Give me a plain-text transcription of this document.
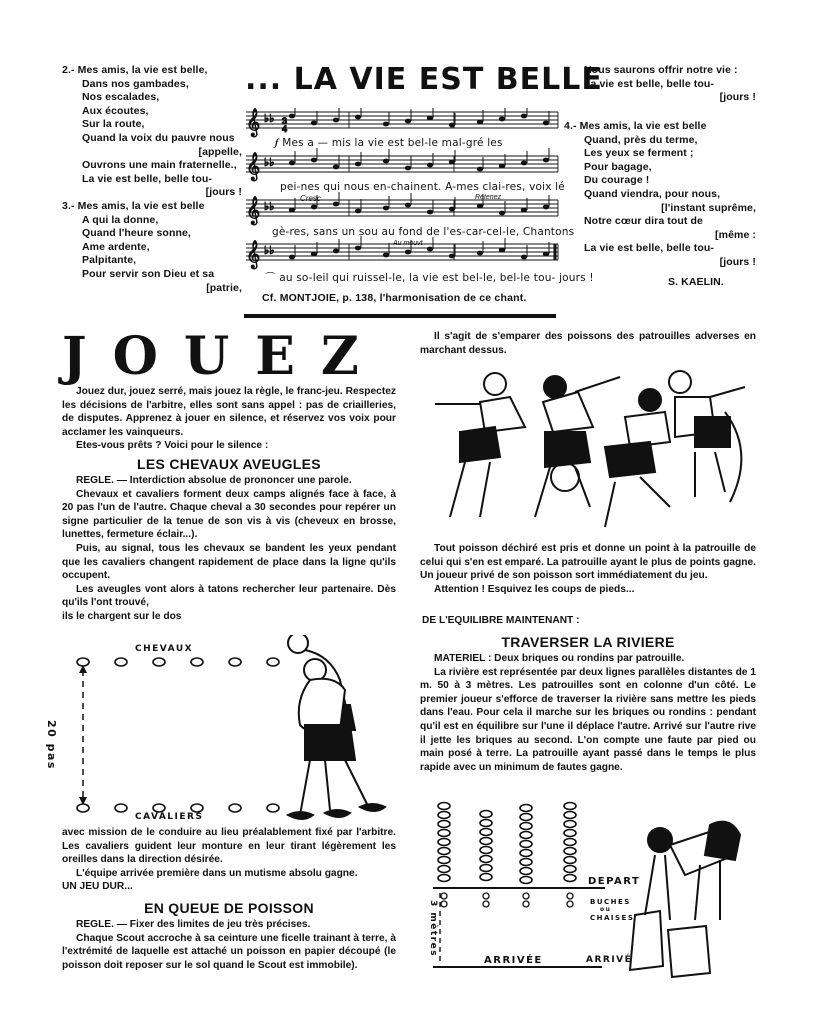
2.- Mes amis, la vie est belle,
Dans nos gambades,
Nos escalades,
Aux écoutes,
Sur la route,
Quand la voix du pauvre nous
[appelle,
Ouvrons une main fraternelle.,
La vie est belle, belle tou-
[jours !
3.- Mes amis, la vie est belle
A qui la donne,
Quand l'heure sonne,
Ame ardente,
Palpitante,
Pour servir son Dieu et sa
[patrie,
... LA VIE EST BELLE
𝄞 ♭♭
𝄞 ♭♭
𝄞 ♭♭
𝄞 ♭♭
3
4
𝆑 Mes a — mis la vie est bel-le mal-gré les
pei-nes qui nous en-chainent. A-mes clai-res, voix lé
gè-res, sans un sou au fond de l'es-car-cel-le, Chantons
⌒ au so-leil qui ruissel-le, la vie est bel-le, bel-le tou- jours !
Cresc	Retenez
Au mouvt
Cf. MONTJOIE, p. 138, l'harmonisation de ce chant.
Nous saurons offrir notre vie :
La vie est belle, belle tou-
[jours !
4.- Mes amis, la vie est belle
Quand, près du terme,
Les yeux se ferment ;
Pour bagage,
Du courage !
Quand viendra, pour nous,
[l'instant suprême,
Notre cœur dira tout de
[même :
La vie est belle, belle tou-
[jours !
S. KAELIN.
JOUEZ

Jouez dur, jouez serré, mais jouez la règle, le franc-jeu. Respectez les décisions de l'arbitre, elles sont sans appel : pas de criailleries, de disputes. Apprenez à jouer en silence, et réservez vos voix pour acclamer les vainqueurs.

Etes-vous prêts ? Voici pour le silence :

LES CHEVAUX AVEUGLES

REGLE. — Interdiction absolue de prononcer une parole.

Chevaux et cavaliers forment deux camps alignés face à face, à 20 pas l'un de l'autre. Chaque cheval a 30 secondes pour repérer un signe particulier de la tenue de son vis à vis (cheveux en brosse, lunettes, fermeture éclair...).

Puis, au signal, tous les chevaux se bandent les yeux pendant que les cavaliers changent rapidement de place dans la ligne qu'ils occupent.

Les aveugles vont alors à tatons rechercher leur partenaire. Dès qu'ils l'ont trouvé,

ils le chargent sur le dos

CHEVAUX
CAVALIERS
20 pas

avec mission de le conduire au lieu préalablement fixé par l'arbitre. Les cavaliers guident leur monture en leur tirant légèrement les oreilles dans la direction désirée.

L'équipe arrivée première dans un mutisme absolu gagne.

UN JEU DUR...

EN QUEUE DE POISSON

REGLE. — Fixer des limites de jeu très précises.

Chaque Scout accroche à sa ceinture une ficelle trainant à terre, à l'extrémité de laquelle est attaché un poisson en papier découpé (le poisson doit reposer sur le sol quand le Scout est immobile).

Il s'agit de s'emparer des poissons des patrouilles adverses en marchant dessus.

Tout poisson déchiré est pris et donne un point à la patrouille de celui qui s'en est emparé. La patrouille ayant le plus de points gagne. Un joueur privé de son poisson sort immédiatement du jeu.

Attention ! Esquivez les coups de pieds...

DE L'EQUILIBRE MAINTENANT :
TRAVERSER LA RIVIERE

MATERIEL : Deux briques ou rondins par patrouille.

La rivière est représentée par deux lignes parallèles distantes de 1 m. 50 à 3 mètres. Les patrouilles sont en colonne d'un côté. Le premier joueur s'efforce de traverser la rivière sans mettre les pieds dans l'eau. Pour cela il marche sur les briques ou rondins : pendant qu'il est en équilibre sur l'une il déplace l'autre. Arrivé sur l'autre rive il jette les briques au second. L'on compte une faute par pied ou main posé à terre. La patrouille ayant passé dans le temps le plus rapide avec un minimum de fautes gagne.

DEPART
BUCHES
ou
CHAISES
ARRIVÉE	ARRIVÉ
3 mètres
